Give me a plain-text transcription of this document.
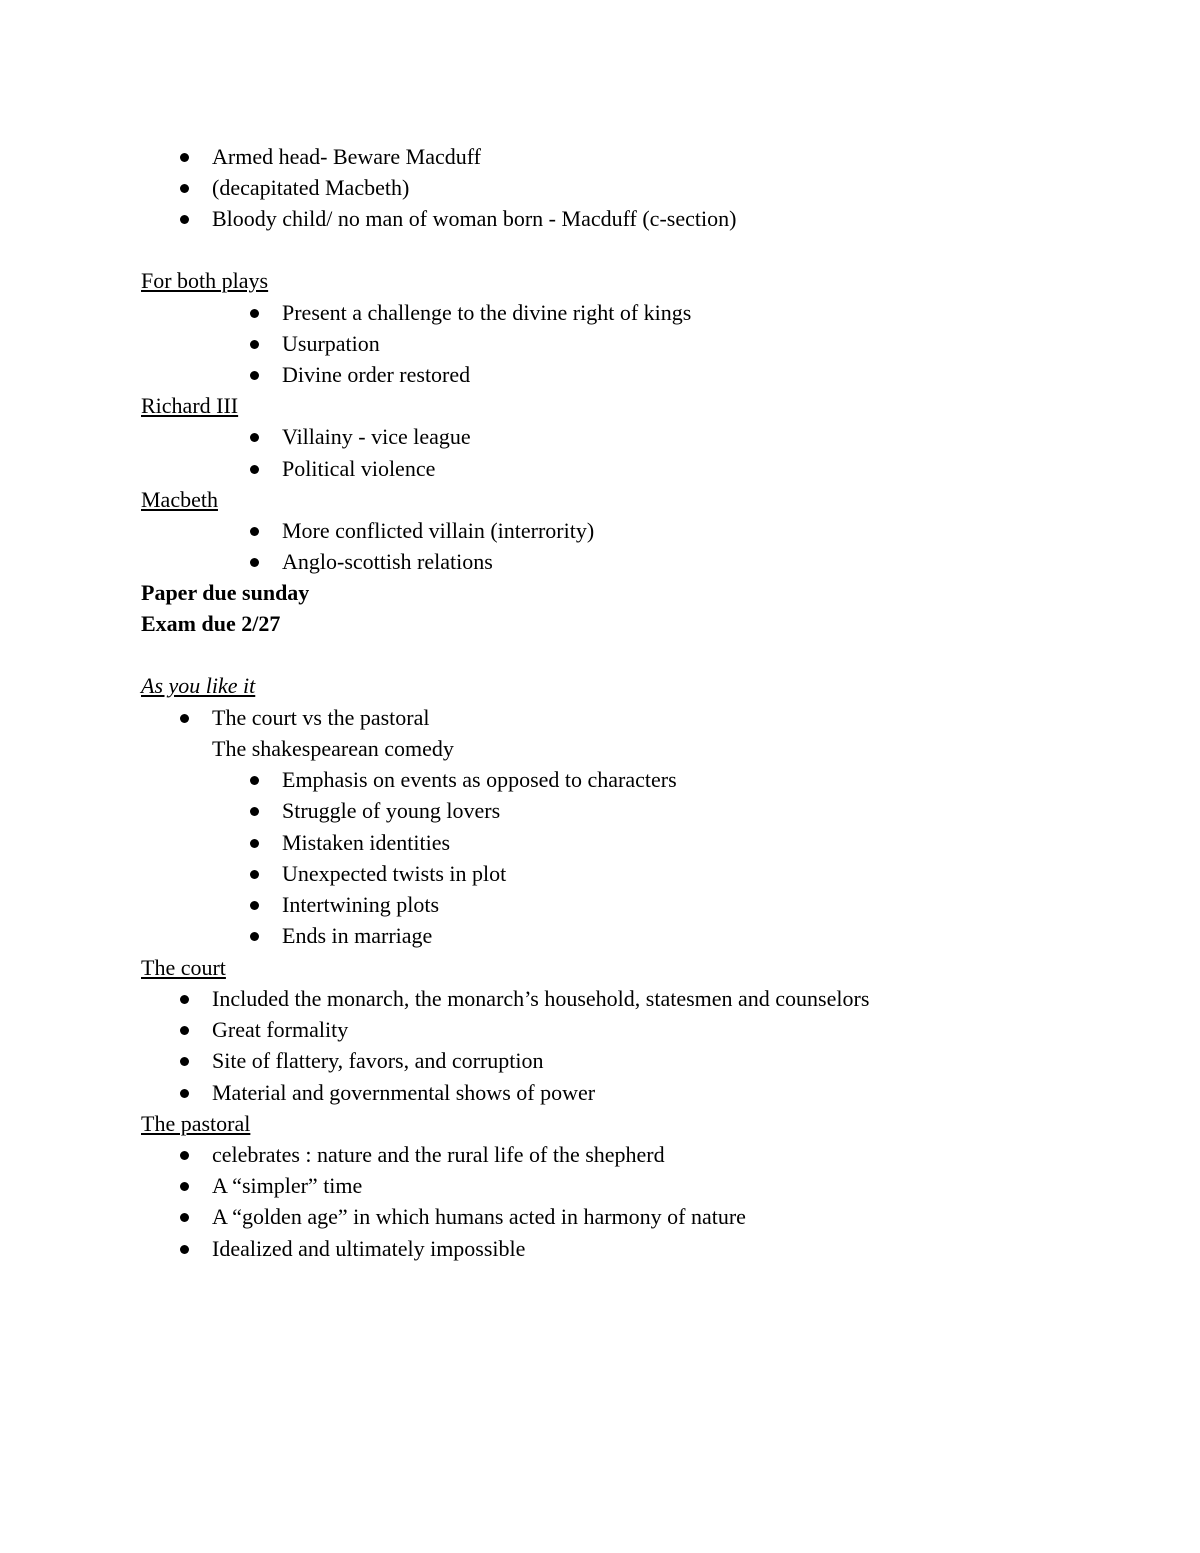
Armed head- Beware Macduff
(decapitated Macbeth)
Bloody child/ no man of woman born - Macduff (c-section)
For both plays
Present a challenge to the divine right of kings
Usurpation
Divine order restored
Richard III
Villainy - vice league
Political violence
Macbeth
More conflicted villain (interrority)
Anglo-scottish relations
Paper due sunday
Exam due 2/27
As you like it
The court vs the pastoral
The shakespearean comedy
Emphasis on events as opposed to characters
Struggle of young lovers
Mistaken identities
Unexpected twists in plot
Intertwining plots
Ends in marriage
The court
Included the monarch, the monarch’s household, statesmen and counselors
Great formality
Site of flattery, favors, and corruption
Material and governmental shows of power
The pastoral
celebrates : nature and the rural life of the shepherd
A “simpler” time
A “golden age” in which humans acted in harmony of nature
Idealized and ultimately impossible
